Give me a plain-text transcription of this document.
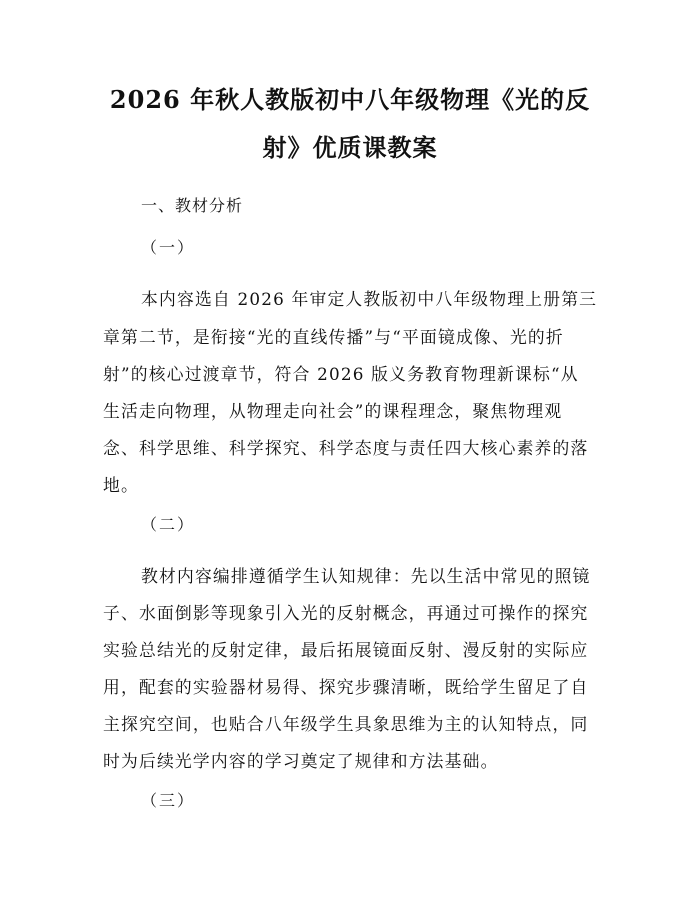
2026 年秋人教版初中八年级物理《光的反
射》优质课教案

一、教材分析

（一）

本内容选自 2026 年审定人教版初中八年级物理上册第三

章第二节，是衔接“光的直线传播”与“平面镜成像、光的折

射”的核心过渡章节，符合 2026 版义务教育物理新课标“从

生活走向物理，从物理走向社会”的课程理念，聚焦物理观

念、科学思维、科学探究、科学态度与责任四大核心素养的落

地。

（二）

教材内容编排遵循学生认知规律：先以生活中常见的照镜

子、水面倒影等现象引入光的反射概念，再通过可操作的探究

实验总结光的反射定律，最后拓展镜面反射、漫反射的实际应

用，配套的实验器材易得、探究步骤清晰，既给学生留足了自

主探究空间，也贴合八年级学生具象思维为主的认知特点，同

时为后续光学内容的学习奠定了规律和方法基础。

（三）
